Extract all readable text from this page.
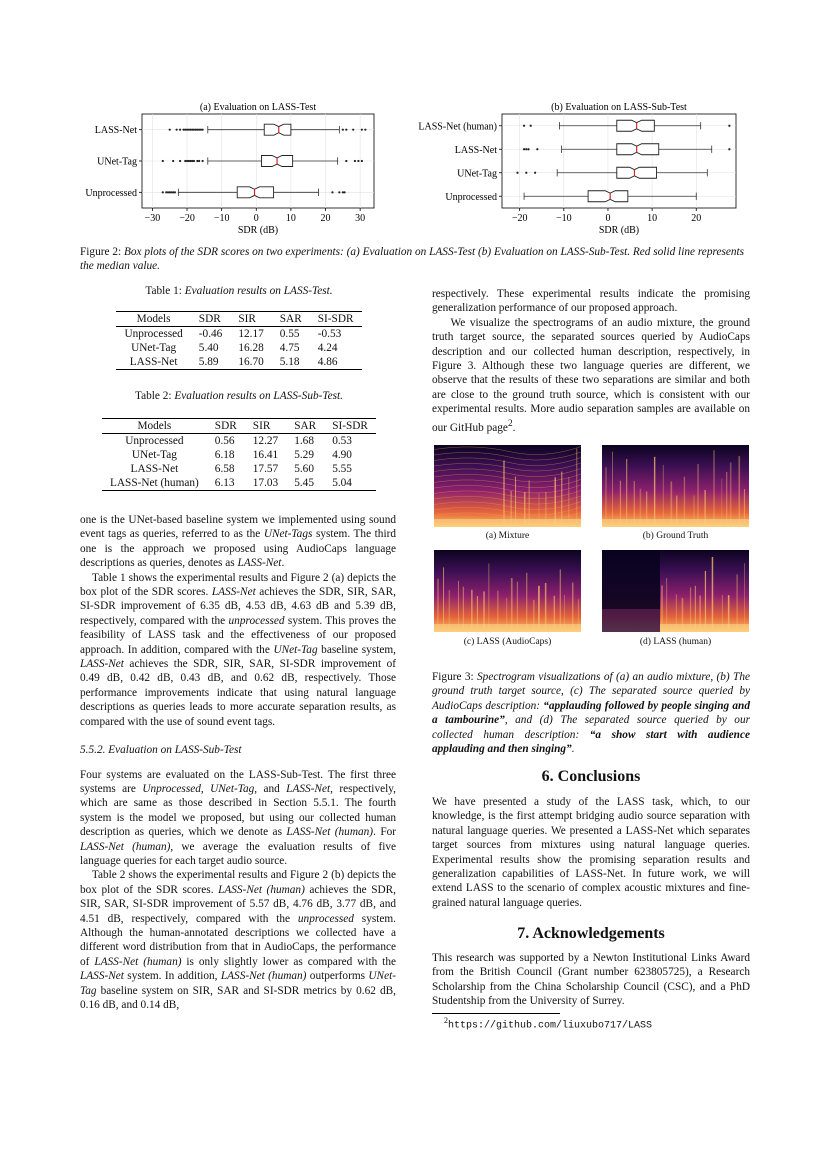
(a) Evaluation on LASS-Test
−30 −20 −10 0	10 20 30
SDR (dB)
LASS-Net
UNet-Tag
Unprocessed
(b) Evaluation on LASS-Sub-Test
−20	−10	0	10	20
SDR (dB)
LASS-Net (human)
LASS-Net
UNet-Tag
Unprocessed
Figure 2: Box plots of the SDR scores on two experiments: (a) Evaluation on LASS-Test (b) Evaluation on LASS-Sub-Test. Red solid line represents the median value.
Table 1: Evaluation results on LASS-Test.
Models	SDR	SIR	SAR	SI-SDR
Unprocessed	-0.46	12.17	0.55	-0.53
UNet-Tag	5.40	16.28	4.75	4.24
LASS-Net	5.89	16.70	5.18	4.86
Table 2: Evaluation results on LASS-Sub-Test.
Models	SDR	SIR	SAR	SI-SDR
Unprocessed	0.56	12.27	1.68	0.53
UNet-Tag	6.18	16.41	5.29	4.90
LASS-Net	6.58	17.57	5.60	5.55
LASS-Net (human)	6.13	17.03	5.45	5.04

one is the UNet-based baseline system we implemented using sound event tags as queries, referred to as the UNet-Tags system. The third one is the approach we proposed using AudioCaps language descriptions as queries, denotes as LASS-Net.

Table 1 shows the experimental results and Figure 2 (a) depicts the box plot of the SDR scores. LASS-Net achieves the SDR, SIR, SAR, SI-SDR improvement of 6.35 dB, 4.53 dB, 4.63 dB and 5.39 dB, respectively, compared with the unprocessed system. This proves the feasibility of LASS task and the effectiveness of our proposed approach. In addition, compared with the UNet-Tag baseline system, LASS-Net achieves the SDR, SIR, SAR, SI-SDR improvement of 0.49 dB, 0.42 dB, 0.43 dB, and 0.62 dB, respectively. Those performance improvements indicate that using natural language descriptions as queries leads to more accurate separation results, as compared with the use of sound event tags.

5.5.2. Evaluation on LASS-Sub-Test

Four systems are evaluated on the LASS-Sub-Test. The first three systems are Unprocessed, UNet-Tag, and LASS-Net, respectively, which are same as those described in Section 5.5.1. The fourth system is the model we proposed, but using our collected human description as queries, which we denote as LASS-Net (human). For LASS-Net (human), we average the evaluation results of five language queries for each target audio source.

Table 2 shows the experimental results and Figure 2 (b) depicts the box plot of the SDR scores. LASS-Net (human) achieves the SDR, SIR, SAR, SI-SDR improvement of 5.57 dB, 4.76 dB, 3.77 dB, and 4.51 dB, respectively, compared with the unprocessed system. Although the human-annotated descriptions we collected have a different word distribution from that in AudioCaps, the performance of LASS-Net (human) is only slightly lower as compared with the LASS-Net system. In addition, LASS-Net (human) outperforms UNet-Tag baseline system on SIR, SAR and SI-SDR metrics by 0.62 dB, 0.16 dB, and 0.14 dB,

respectively. These experimental results indicate the promising generalization performance of our proposed approach.

We visualize the spectrograms of an audio mixture, the ground truth target source, the separated sources queried by AudioCaps description and our collected human description, respectively, in Figure 3. Although these two language queries are different, we observe that the results of these two separations are similar and both are close to the ground truth source, which is consistent with our experimental results. More audio separation samples are available on our GitHub page$^2$.

(a) Mixture	(b) Ground Truth
(c) LASS (AudioCaps)	(d) LASS (human)
Figure 3: Spectrogram visualizations of (a) an audio mixture, (b) The ground truth target source, (c) The separated source queried by AudioCaps description: “applauding followed by people singing and a tambourine”, and (d) The separated source queried by our collected human description: “a show start with audience applauding and then singing”.
6. Conclusions

We have presented a study of the LASS task, which, to our knowledge, is the first attempt bridging audio source separation with natural language queries. We presented a LASS-Net which separates target sources from mixtures using natural language queries. Experimental results show the promising separation results and generalization capabilities of LASS-Net. In future work, we will extend LASS to the scenario of complex acoustic mixtures and fine-grained natural language queries.

7. Acknowledgements

This research was supported by a Newton Institutional Links Award from the British Council (Grant number 623805725), a Research Scholarship from the China Scholarship Council (CSC), and a PhD Studentship from the University of Surrey.

$^2$https://github.com/liuxubo717/LASS
